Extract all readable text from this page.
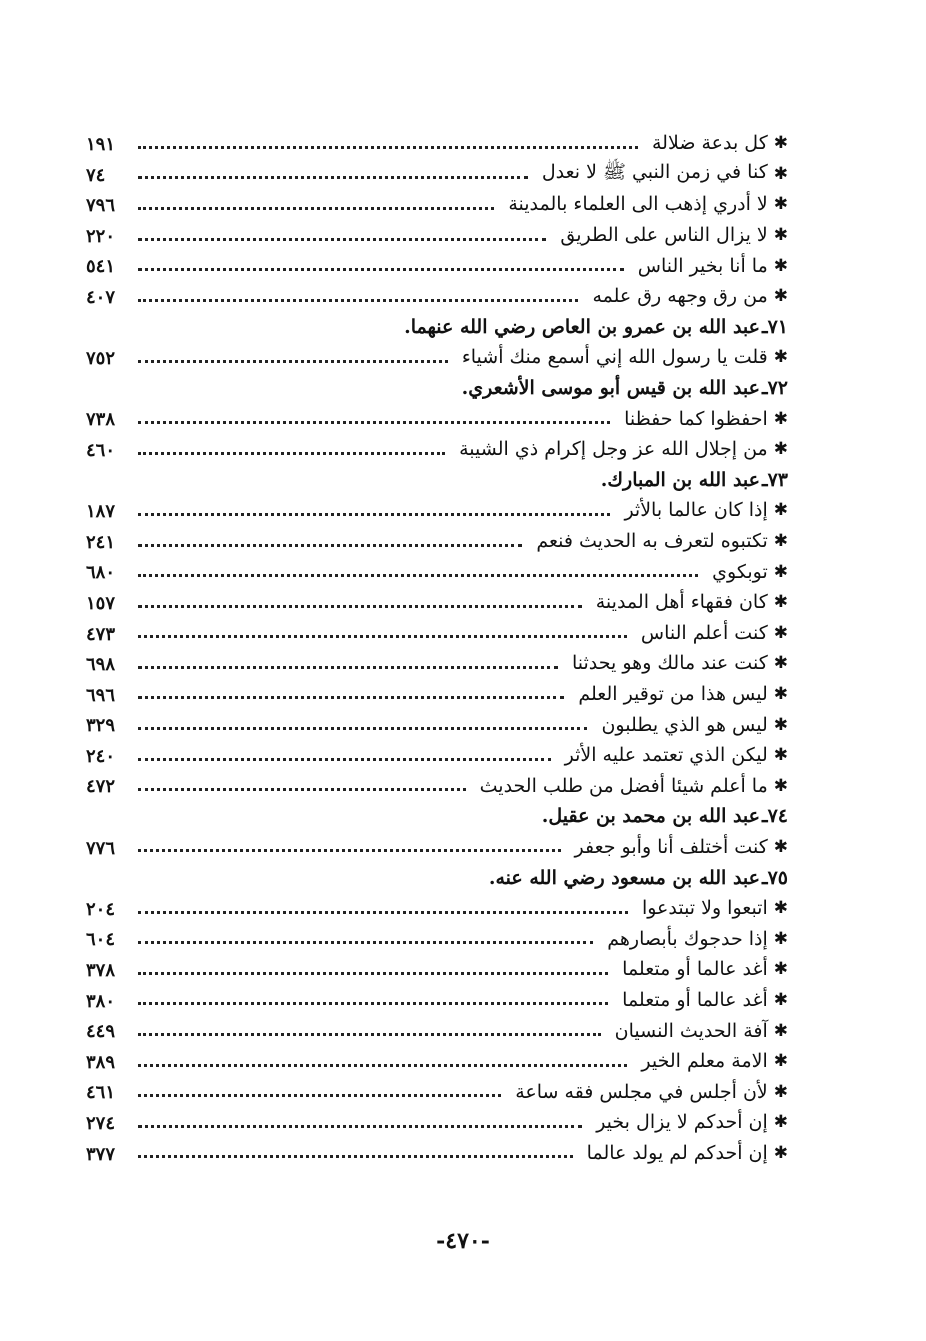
✱
كل بدعة ضلالة
١٩١
✱
كنا في زمن النبي ﷺ لا نعدل
٧٤
✱
لا أدري إذهب الى العلماء بالمدينة
٧٩٦
✱
لا يزال الناس على الطريق
٢٢٠
✱
ما أنا بخير الناس
٥٤١
✱
من رق وجهه رق علمه
٤٠٧
٧١ـ
عبد الله بن عمرو بن العاص رضي الله عنهما.
✱
قلت يا رسول الله إني أسمع منك أشياء
٧٥٢
٧٢ـ
عبد الله بن قيس أبو موسى الأشعري.
✱
احفظوا كما حفظنا
٧٣٨
✱
من إجلال الله عز وجل إكرام ذي الشيبة
٤٦٠
٧٣ـ
عبد الله بن المبارك.
✱
إذا كان عالما بالأثر
١٨٧
✱
تكتبوه لتعرف به الحديث فنعم
٢٤١
✱
توبكوي
٦٨٠
✱
كان فقهاء أهل المدينة
١٥٧
✱
كنت أعلم الناس
٤٧٣
✱
كنت عند مالك وهو يحدثنا
٦٩٨
✱
ليس هذا من توقير العلم
٦٩٦
✱
ليس هو الذي يطلبون
٣٢٩
✱
ليكن الذي تعتمد عليه الأثر
٢٤٠
✱
ما أعلم شيئا أفضل من طلب الحديث
٤٧٢
٧٤ـ
عبد الله بن محمد بن عقيل.
✱
كنت أختلف أنا وأبو جعفر
٧٧٦
٧٥ـ
عبد الله بن مسعود رضي الله عنه.
✱
اتبعوا ولا تبتدعوا
٢٠٤
✱
إذا حدجوك بأبصارهم
٦٠٤
✱
أغد عالما أو متعلما
٣٧٨
✱
أغد عالما أو متعلما
٣٨٠
✱
آفة الحديث النسيان
٤٤٩
✱
الامة معلم الخير
٣٨٩
✱
لأن أجلس في مجلس فقه ساعة
٤٦١
✱
إن أحدكم لا يزال بخير
٢٧٤
✱
إن أحدكم لم يولد عالما
٣٧٧
-٤٧٠-
